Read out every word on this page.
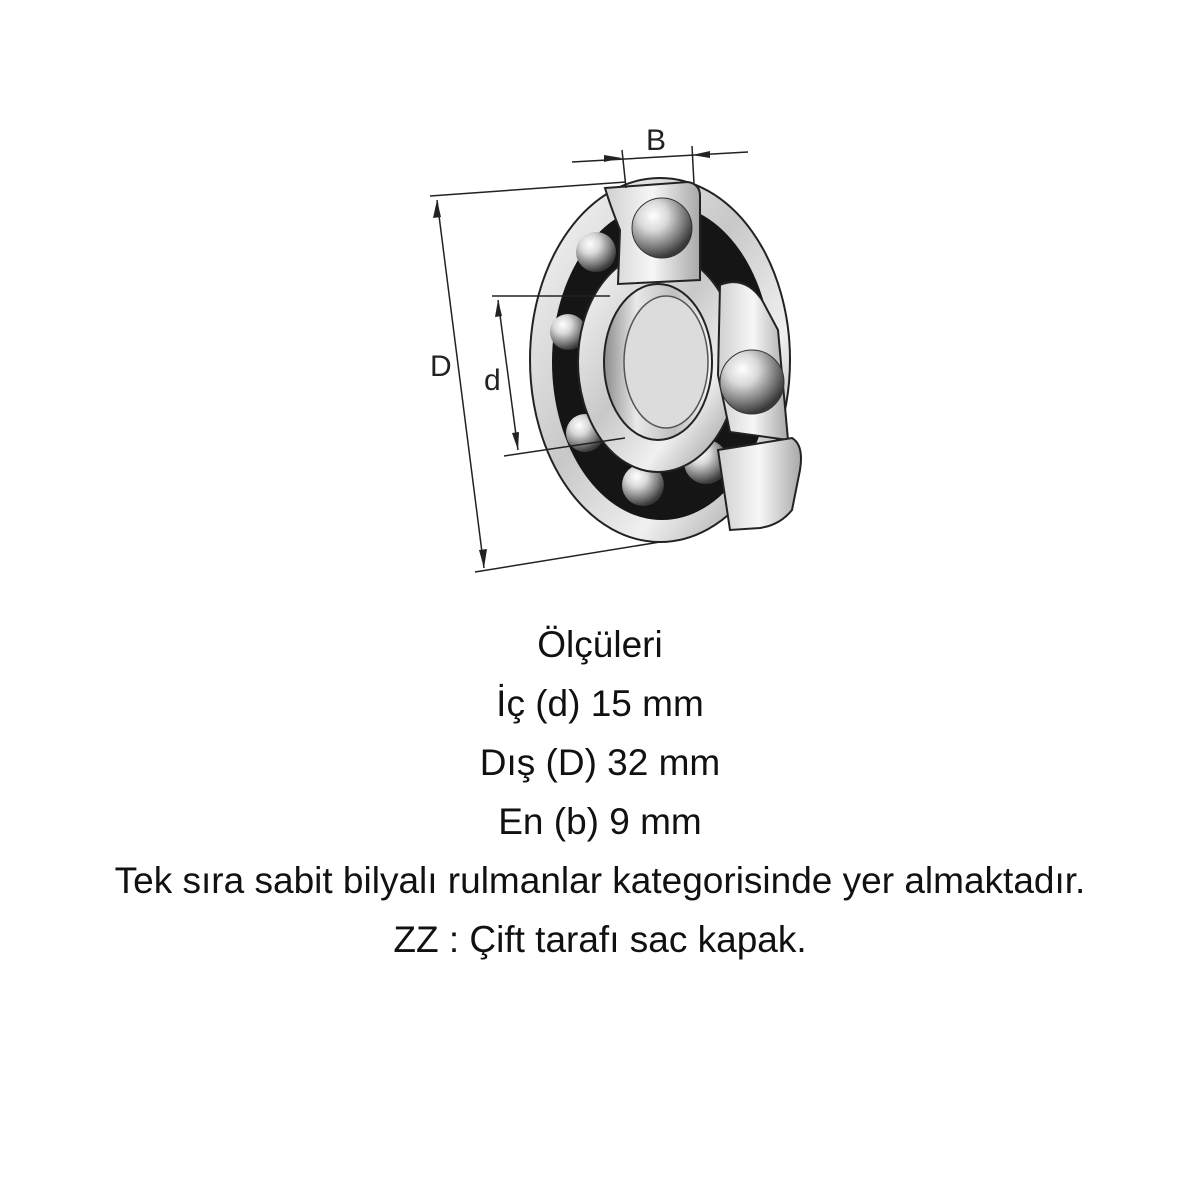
B
D d
Ölçüleri
İç (d) 15 mm
Dış (D) 32 mm
En (b) 9 mm
Tek sıra sabit bilyalı rulmanlar kategorisinde yer almaktadır.
ZZ : Çift tarafı sac kapak.
